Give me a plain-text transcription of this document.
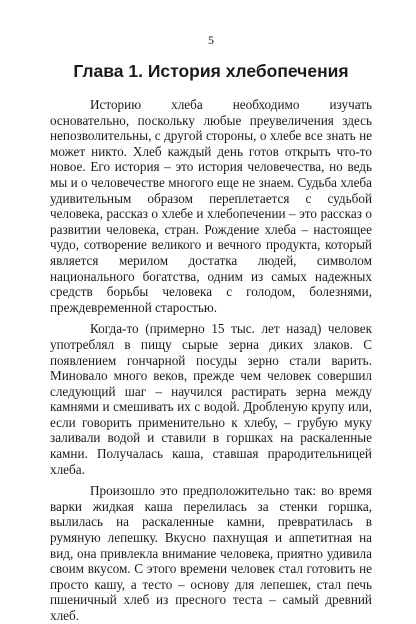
5
Глава 1. История хлебопечения

Историю хлеба необходимо изучать основательно, поскольку любые преувеличения здесь непозволительны, с другой стороны, о хлебе все знать не может никто. Хлеб каждый день готов открыть что-то новое. Его история – это история человечества, но ведь мы и о человечестве многого еще не знаем. Судьба хлеба удивительным образом переплетается с судьбой человека, рассказ о хлебе и хлебопечении – это рассказ о развитии человека, стран. Рождение хлеба – настоящее чудо, сотворение великого и вечного продукта, который является мерилом достатка людей, символом национального богатства, одним из самых надежных средств борьбы человека с голодом, болезнями, преждевременной старостью.

Когда-то (примерно 15 тыс. лет назад) человек употреблял в пищу сырые зерна диких злаков. С появлением гончарной посуды зерно стали варить. Миновало много веков, прежде чем человек совершил следующий шаг – научился растирать зерна между камнями и смешивать их с водой. Дробленую крупу или, если говорить применительно к хлебу, – грубую муку заливали водой и ставили в горшках на раскаленные камни. Получалась каша, ставшая прародительницей хлеба.

Произошло это предположительно так: во время варки жидкая каша перелилась за стенки горшка, вылилась на раскаленные камни, превратилась в румяную лепешку. Вкусно пахнущая и аппетитная на вид, она привлекла внимание человека, приятно удивила своим вкусом. С этого времени человек стал готовить не просто кашу, а тесто – основу для лепешек, стал печь пшеничный хлеб из пресного теста – самый древний хлеб.
